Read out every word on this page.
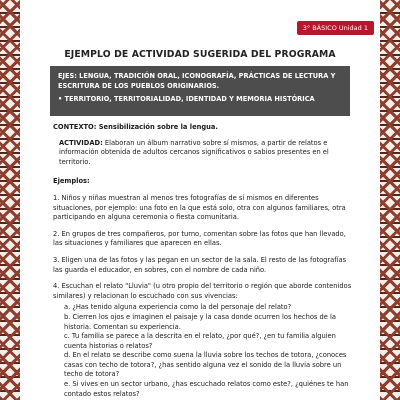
3° BÁSICO Unidad 1
EJEMPLO DE ACTIVIDAD SUGERIDA DEL PROGRAMA

EJES: LENGUA, TRADICIÓN ORAL, ICONOGRAFÍA, PRÁCTICAS DE LECTURA Y ESCRITURA DE LOS PUEBLOS ORIGINARIOS.

• TERRITORIO, TERRITORIALIDAD, IDENTIDAD Y MEMORIA HISTÓRICA

CONTEXTO: Sensibilización sobre la lengua.

ACTIVIDAD: Elaboran un álbum narrativo sobre sí mismos, a partir de relatos e información obtenida de adultos cercanos significativos o sabios presentes en el territorio.

Ejemplos:

1. Niños y niñas muestran al menos tres fotografías de sí mismos en diferentes situaciones, por ejemplo: una foto en la que está solo, otra con algunos familiares, otra participando en alguna ceremonia o fiesta comunitaria.

2. En grupos de tres compañeros, por turno, comentan sobre las fotos que han llevado, las situaciones y familiares que aparecen en ellas.

3. Eligen una de las fotos y las pegan en un sector de la sala. El resto de las fotografías las guarda el educador, en sobres, con el nombre de cada niño.

4. Escuchan el relato "Lluvia" (u otro propio del territorio o región que aborde contenidos similares) y relacionan lo escuchado con sus vivencias:

a. ¿Has tenido alguna experiencia como la del personaje del relato?

b. Cierren los ojos e imaginen el paisaje y la casa donde ocurren los hechos de la historia. Comentan su experiencia.

c. Tu familia se parece a la descrita en el relato, ¿por qué?, ¿en tu familia alguien cuenta historias o relatos?

d. En el relato se describe como suena la lluvia sobre los techos de totora, ¿conoces casas con techo de totora?, ¿has sentido alguna vez el sonido de la lluvia sobre un techo de totora?

e. Si vives en un sector urbano, ¿has escuchado relatos como este?, ¿quiénes te han contado estos relatos?
